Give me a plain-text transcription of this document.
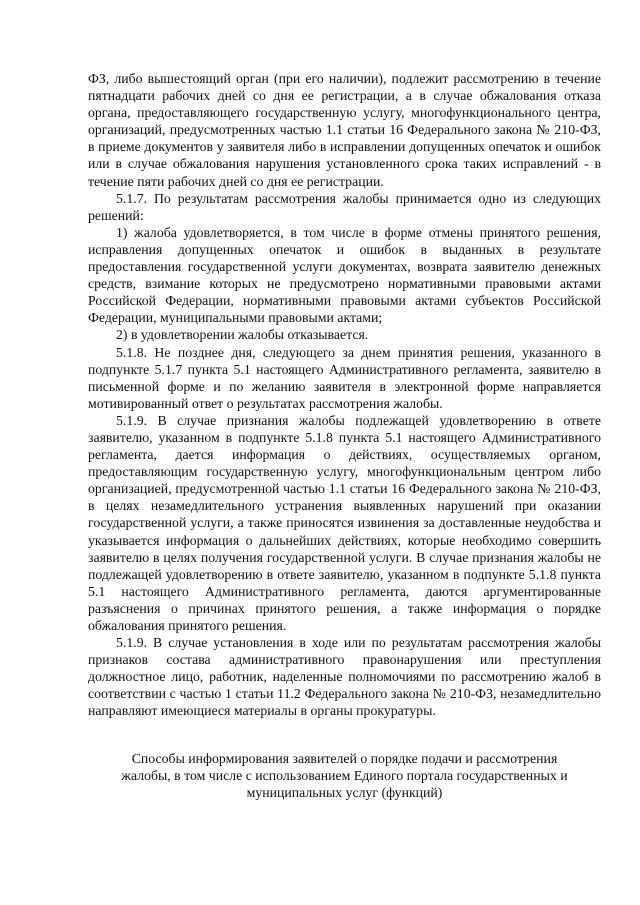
ФЗ, либо вышестоящий орган (при его наличии), подлежит рассмотрению в течение пятнадцати рабочих дней со дня ее регистрации, а в случае обжалования отказа органа, предоставляющего государственную услугу, многофункционального центра, организаций, предусмотренных частью 1.1 статьи 16 Федерального закона № 210-ФЗ, в приеме документов у заявителя либо в исправлении допущенных опечаток и ошибок или в случае обжалования нарушения установленного срока таких исправлений - в течение пяти рабочих дней со дня ее регистрации.

5.1.7. По результатам рассмотрения жалобы принимается одно из следующих решений:

1) жалоба удовлетворяется, в том числе в форме отмены принятого решения, исправления допущенных опечаток и ошибок в выданных в результате предоставления государственной услуги документах, возврата заявителю денежных средств, взимание которых не предусмотрено нормативными правовыми актами Российской Федерации, нормативными правовыми актами субъектов Российской Федерации, муниципальными правовыми актами;

2) в удовлетворении жалобы отказывается.

5.1.8. Не позднее дня, следующего за днем принятия решения, указанного в подпункте 5.1.7 пункта 5.1 настоящего Административного регламента, заявителю в письменной форме и по желанию заявителя в электронной форме направляется мотивированный ответ о результатах рассмотрения жалобы.

5.1.9. В случае признания жалобы подлежащей удовлетворению в ответе заявителю, указанном в подпункте 5.1.8 пункта 5.1 настоящего Административного регламента, дается информация о действиях, осуществляемых органом, предоставляющим государственную услугу, многофункциональным центром либо организацией, предусмотренной частью 1.1 статьи 16 Федерального закона № 210-ФЗ, в целях незамедлительного устранения выявленных нарушений при оказании государственной услуги, а также приносятся извинения за доставленные неудобства и указывается информация о дальнейших действиях, которые необходимо совершить заявителю в целях получения государственной услуги. В случае признания жалобы не подлежащей удовлетворению в ответе заявителю, указанном в подпункте 5.1.8 пункта 5.1 настоящего Административного регламента, даются аргументированные разъяснения о причинах принятого решения, а также информация о порядке обжалования принятого решения.

5.1.9. В случае установления в ходе или по результатам рассмотрения жалобы признаков состава административного правонарушения или преступления должностное лицо, работник, наделенные полномочиями по рассмотрению жалоб в соответствии с частью 1 статьи 11.2 Федерального закона № 210-ФЗ, незамедлительно направляют имеющиеся материалы в органы прокуратуры.

Способы информирования заявителей о порядке подачи и рассмотрения
жалобы, в том числе с использованием Единого портала государственных и
муниципальных услуг (функций)
